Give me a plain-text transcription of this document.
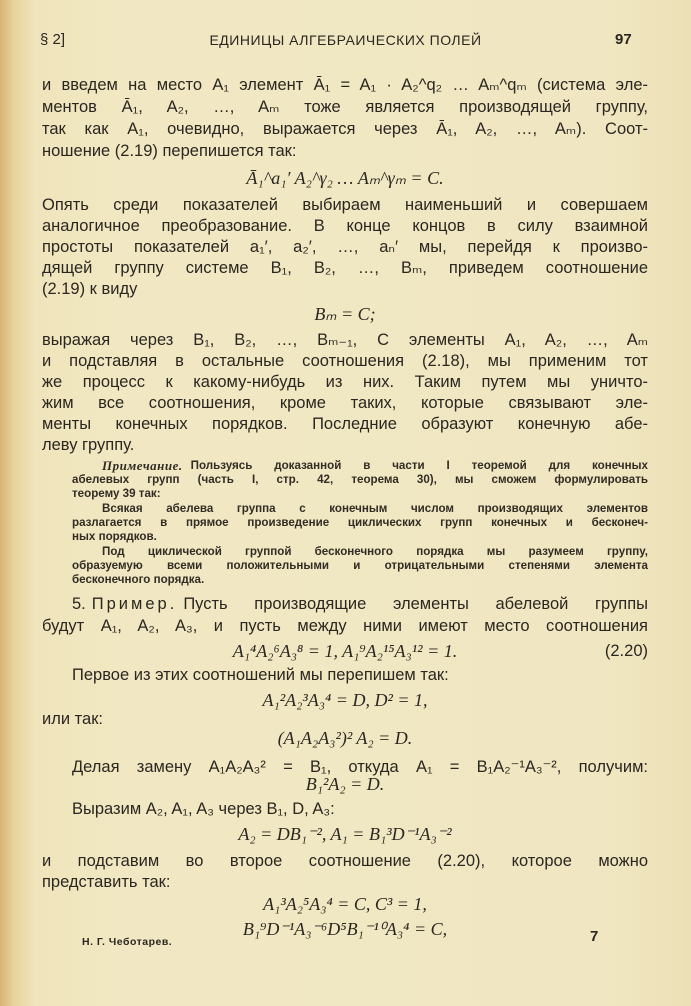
§ 2]	ЕДИНИЦЫ АЛГЕБРАИЧЕСКИХ ПОЛЕЙ	97
и введем на место A₁ элемент Ā₁ = A₁ · A₂^q₂ … Aₘ^qₘ (система эле-
ментов Ā₁, A₂, …, Aₘ тоже является производящей группу,
так как A₁, очевидно, выражается через Ā₁, A₂, …, Aₘ). Соот-
ношение (2.19) перепишется так:
Ā₁^a₁′ A₂^γ₂ … Aₘ^γₘ = C.
Опять среди показателей выбираем наименьший и совершаем
аналогичное преобразование. В конце концов в силу взаимной
простоты показателей a₁′, a₂′, …, aₙ′ мы, перейдя к произво-
дящей группу системе B₁, B₂, …, Bₘ, приведем соотношение
(2.19) к виду
Bₘ = C;
выражая через B₁, B₂, …, Bₘ₋₁, C элементы A₁, A₂, …, Aₘ
и подставляя в остальные соотношения (2.18), мы применим тот
же процесс к какому-нибудь из них. Таким путем мы уничто-
жим все соотношения, кроме таких, которые связывают эле-
менты конечных порядков. Последние образуют конечную абе-
леву группу.
Примечание. Пользуясь доказанной в части I теоремой для конечных
абелевых групп (часть I, стр. 42, теорема 30), мы сможем формулировать
теорему 39 так:
Всякая абелева группа с конечным числом производящих элементов
разлагается в прямое произведение циклических групп конечных и бесконеч-
ных порядков.
Под циклической группой бесконечного порядка мы разумеем группу,
образуемую всеми положительными и отрицательными степенями элемента
бесконечного порядка.
5. Пример. Пусть производящие элементы абелевой группы
будут A₁, A₂, A₃, и пусть между ними имеют место соотношения
A₁⁴A₂⁶A₃⁸ = 1, A₁⁹A₂¹⁵A₃¹² = 1.	(2.20)
Первое из этих соотношений мы перепишем так:
A₁²A₂³A₃⁴ = D, D² = 1,
или так:
(A₁A₂A₃²)² A₂ = D.
Делая замену A₁A₂A₃² = B₁, откуда A₁ = B₁A₂⁻¹A₃⁻², получим:
B₁²A₂ = D.
Выразим A₂, A₁, A₃ через B₁, D, A₃:
A₂ = DB₁⁻², A₁ = B₁³D⁻¹A₃⁻²
и подставим во второе соотношение (2.20), которое можно
представить так:
A₁³A₂⁵A₃⁴ = C, C³ = 1,
B₁⁹D⁻¹A₃⁻⁶D⁵B₁⁻¹⁰A₃⁴ = C,
Н. Г. Чеботарев.	7
